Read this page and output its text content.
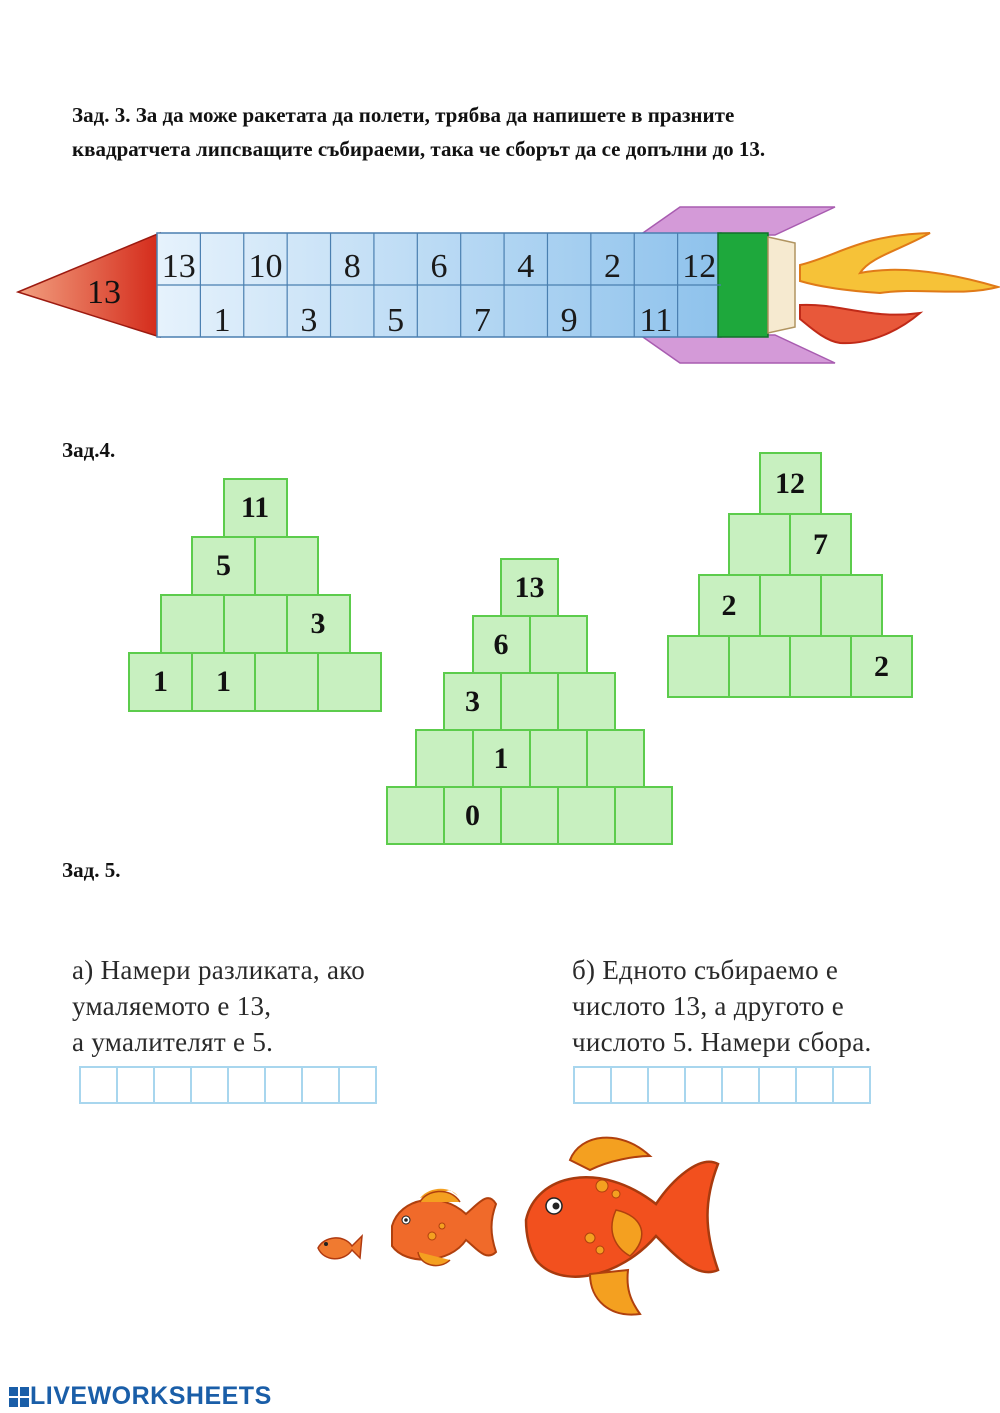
Зад. 3. За да може ракетата да полети, трябва да напишете в празните

квадратчета липсващите събираеми, така че сборът да се допълни до 13.

13
13 10 8 6 4 2 12
1 3 5 7 9 11
Зад.4.
11
5
3
1	1
13
6
3
1
0
12
7
2
2
Зад. 5.

а) Намери разликата, ако

умаляемото е 13,

а умалителят е 5.

б) Едното събираемо е

числото 13, а другото е

числото 5. Намери сбора.

LIVEWORKSHEETS
